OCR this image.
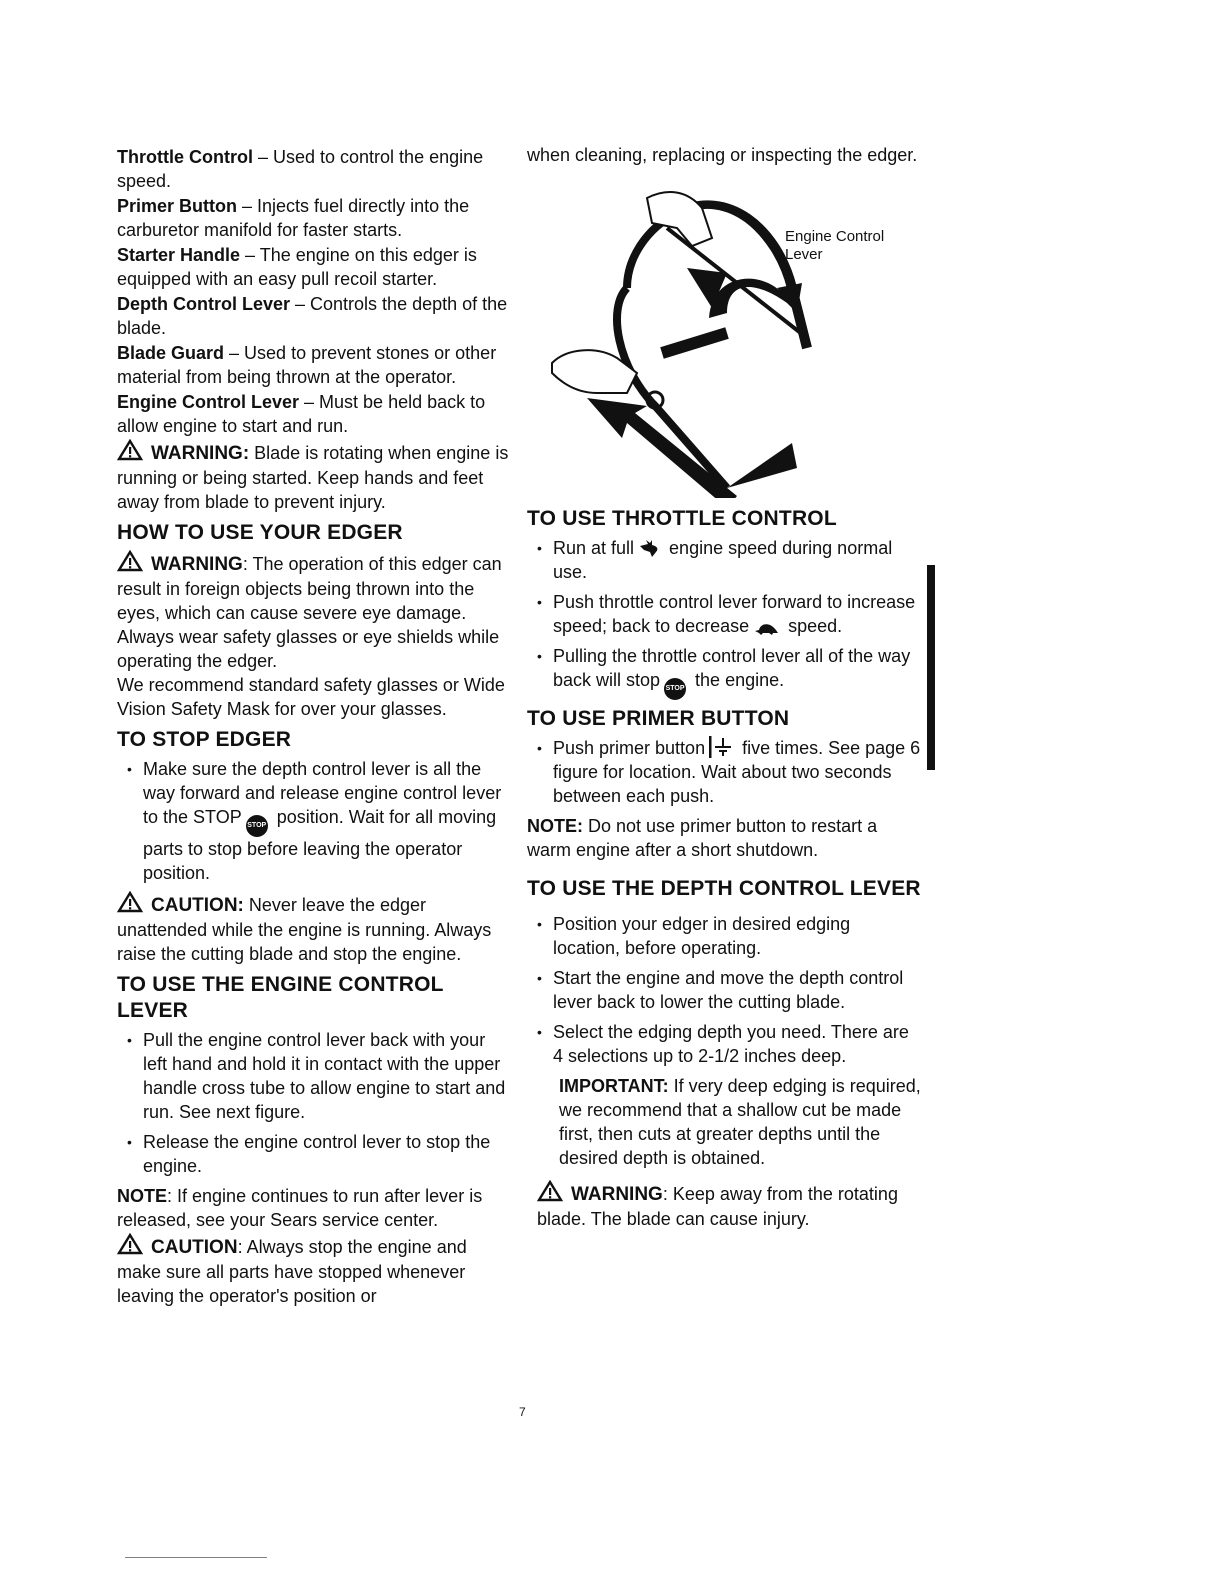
Throttle Control – Used to control the engine speed.

Primer Button – Injects fuel directly into the carburetor manifold for faster starts.

Starter Handle – The engine on this edger is equipped with an easy pull recoil starter.

Depth Control Lever – Controls the depth of the blade.

Blade Guard – Used to prevent stones or other material from being thrown at the operator.

Engine Control Lever – Must be held back to allow engine to start and run.

WARNING: Blade is rotating when engine is running or being started. Keep hands and feet away from blade to prevent injury.

HOW TO USE YOUR EDGER

WARNING: The operation of this edger can result in foreign objects being thrown into the eyes, which can cause severe eye damage. Always wear safety glasses or eye shields while operating the edger.

We recommend standard safety glasses or Wide Vision Safety Mask for over your glasses.

TO STOP EDGER
• Make sure the depth control lever is all the way forward and release engine control lever to the STOP STOP position. Wait for all moving parts to stop before leaving the operator position.

CAUTION: Never leave the edger unattended while the engine is running. Always raise the cutting blade and stop the engine.

TO USE THE ENGINE CONTROL LEVER
• Pull the engine control lever back with your left hand and hold it in contact with the upper handle cross tube to allow engine to start and run. See next figure.
• Release the engine control lever to stop the engine.

NOTE: If engine continues to run after lever is released, see your Sears service center.

CAUTION: Always stop the engine and make sure all parts have stopped whenever leaving the operator's position or

when cleaning, replacing or inspecting the edger.

Engine Control Lever
TO USE THROTTLE CONTROL
• Run at full engine speed during normal use.
• Push throttle control lever forward to increase speed; back to decrease speed.
• Pulling the throttle control lever all of the way back will stop STOP the engine.
TO USE PRIMER BUTTON
• Push primer button five times. See page 6 figure for location. Wait about two seconds between each push.

NOTE: Do not use primer button to restart a warm engine after a short shutdown.

TO USE THE DEPTH CONTROL LEVER
• Position your edger in desired edging location, before operating.
• Start the engine and move the depth control lever back to lower the cutting blade.
• Select the edging depth you need. There are 4 selections up to 2-1/2 inches deep.

IMPORTANT: If very deep edging is required, we recommend that a shallow cut be made first, then cuts at greater depths until the desired depth is obtained.

WARNING: Keep away from the rotating blade. The blade can cause injury.

7
